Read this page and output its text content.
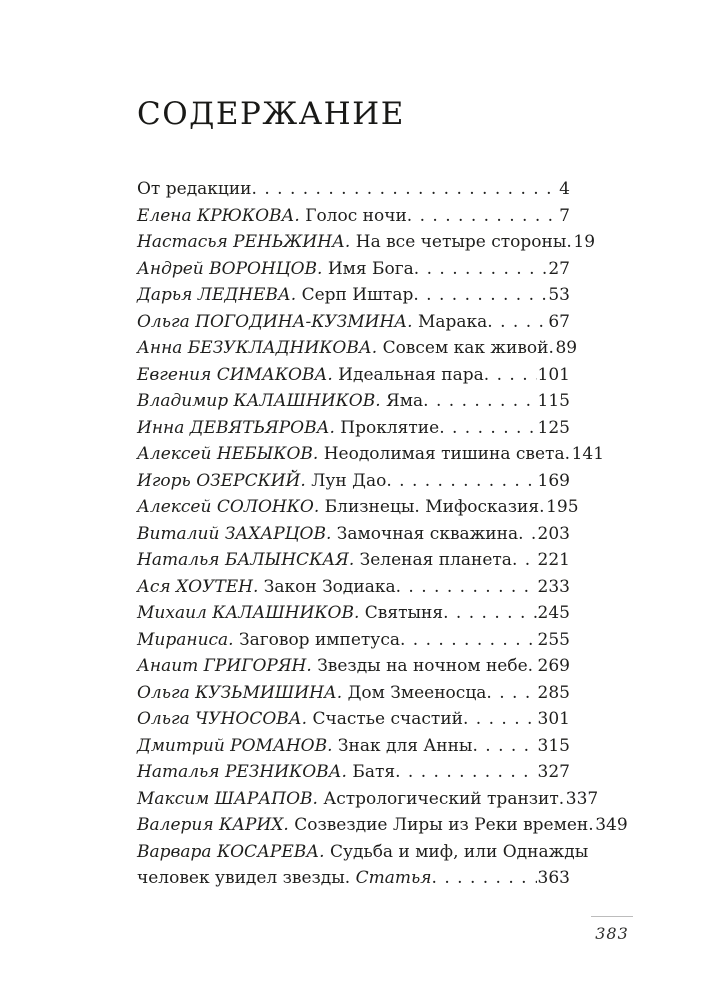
СОДЕРЖАНИЕ
От редакции . . .	4
Елена КРЮКОВА. Голос ночи . . .	7
Настасья РЕНЬЖИНА. На все четыре стороны . . . 19
Андрей ВОРОНЦОВ. Имя Бога . . .	27
Дарья ЛЕДНЕВА. Серп Иштар . . .	53
Ольга ПОГОДИНА-КУЗМИНА. Марака . . .	67
Анна БЕЗУКЛАДНИКОВА. Совсем как живой . . . 89
Евгения СИМАКОВА. Идеальная пара . . .	101
Владимир КАЛАШНИКОВ. Яма . . .	115
Инна ДЕВЯТЬЯРОВА. Проклятие . . .	125
Алексей НЕБЫКОВ. Неодолимая тишина света . . . 141
Игорь ОЗЕРСКИЙ. Лун Дао . . .	169
Алексей СОЛОНКО. Близнецы. Мифосказия . . . 195
Виталий ЗАХАРЦОВ. Замочная скважина . . . 203
Наталья БАЛЫНСКАЯ. Зеленая планета . . . 221
Ася ХОУТЕН. Закон Зодиака . . .	233
Михаил КАЛАШНИКОВ. Святыня . . .	245
Мираниса. Заговор импетуса . . .	255
Анаит ГРИГОРЯН. Звезды на ночном небе . . . 269
Ольга КУЗЬМИШИНА. Дом Змееносца . . .	285
Ольга ЧУНОСОВА. Счастье счастий . . .	301
Дмитрий РОМАНОВ. Знак для Анны . . .	315
Наталья РЕЗНИКОВА. Батя . . .	327
Максим ШАРАПОВ. Астрологический транзит . . . 337
Валерия КАРИХ. Созвездие Лиры из Реки времен . . . 349
Варвара КОСАРЕВА. Судьба и миф, или Однажды
человек увидел звезды. Статья . . .	363
383
